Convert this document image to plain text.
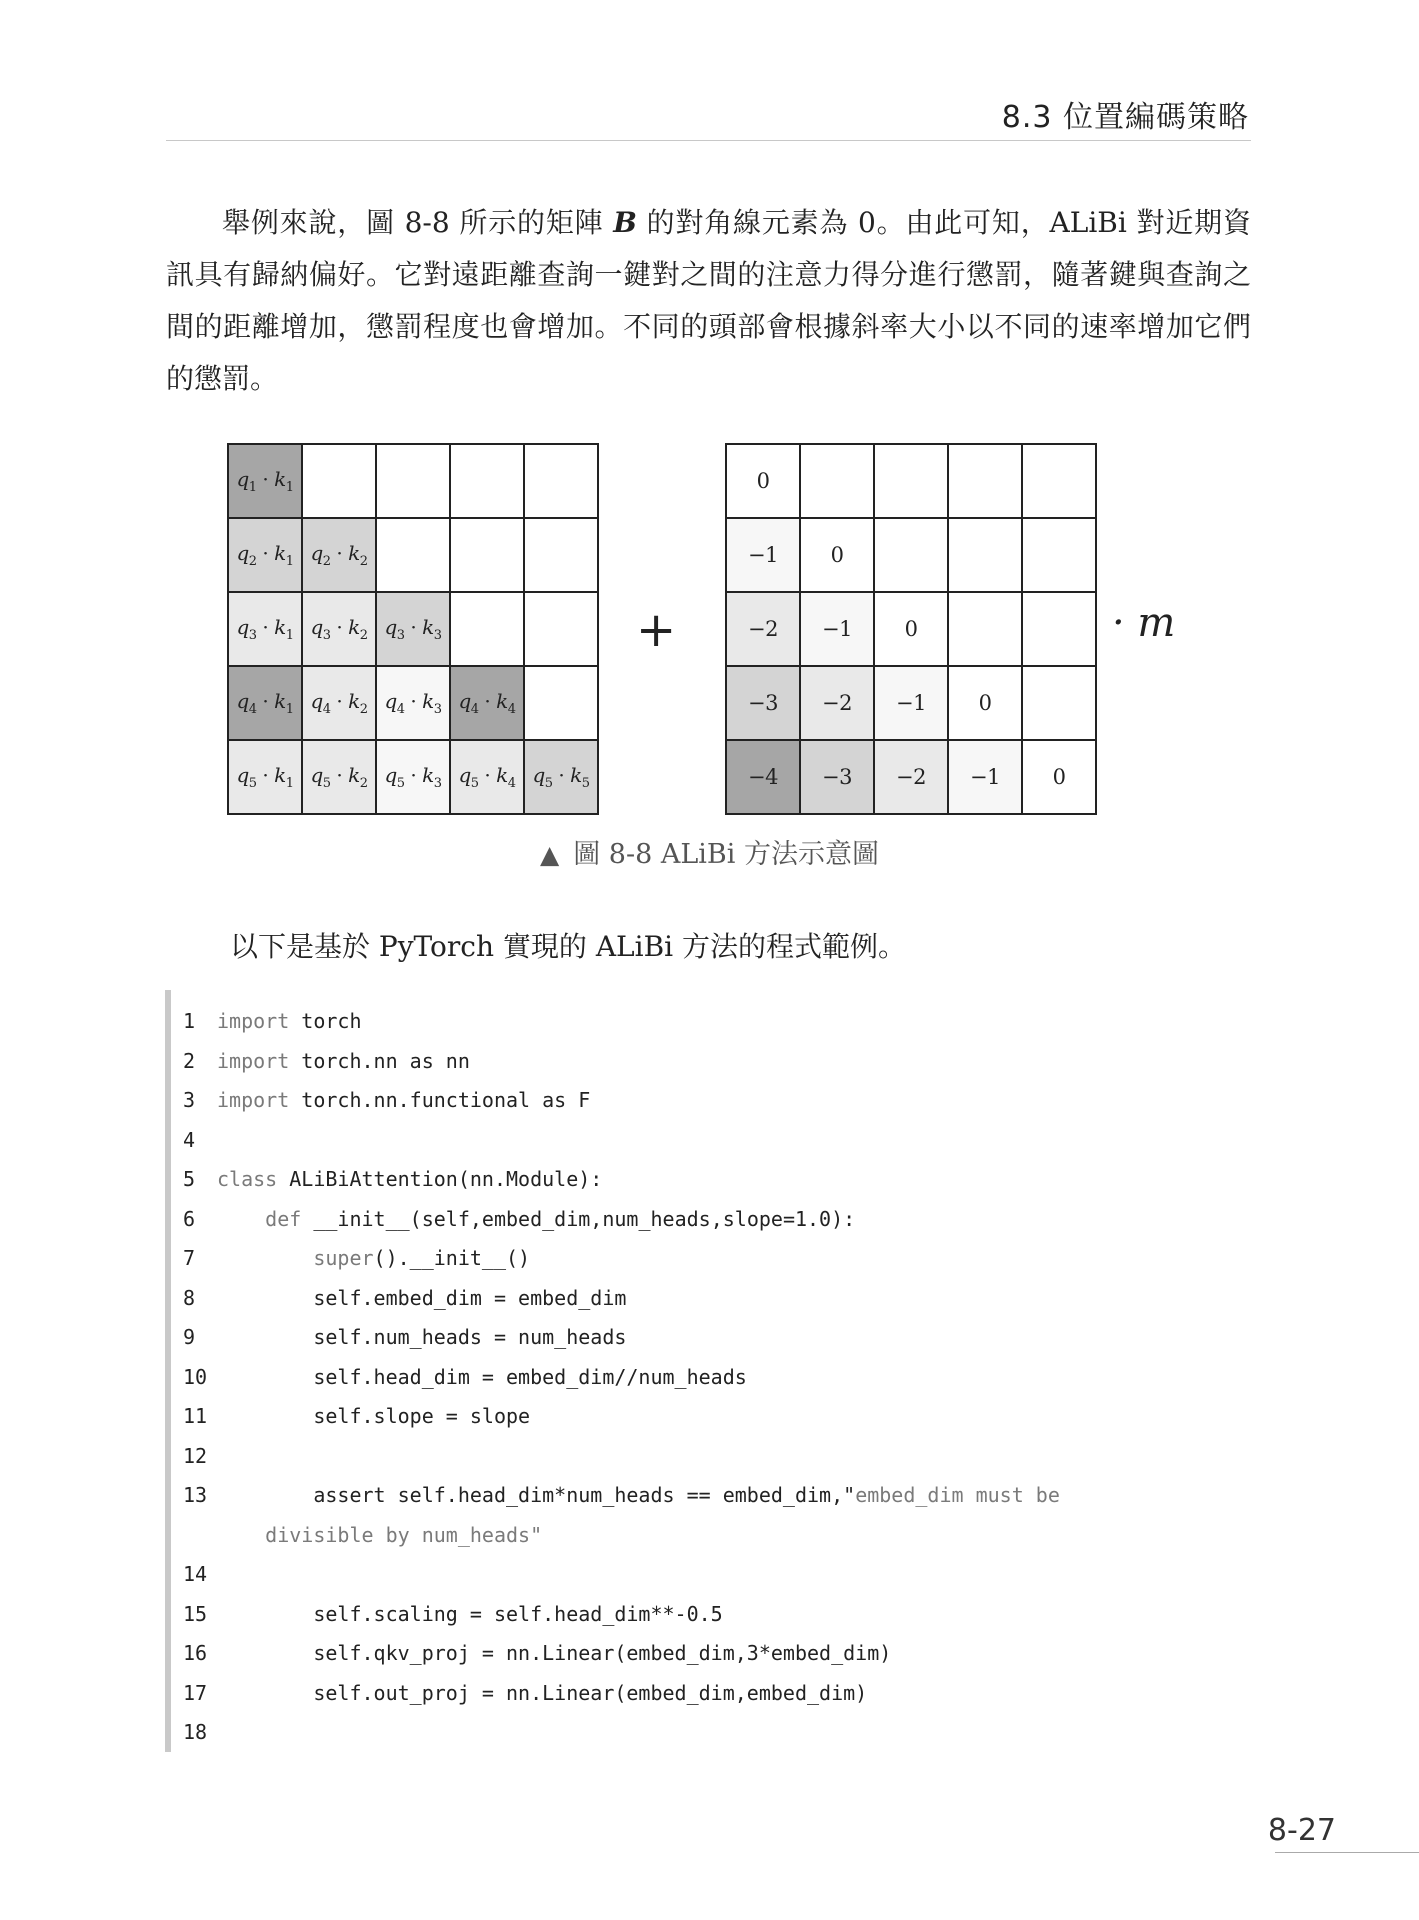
8.3 位置編碼策略
舉例來說，圖 8-8 所示的矩陣 B 的對角線元素為 0。由此可知，ALiBi 對近期資訊具有歸納偏好。它對遠距離查詢一鍵對之間的注意力得分進行懲罰，隨著鍵與查詢之間的距離增加，懲罰程度也會增加。不同的頭部會根據斜率大小以不同的速率增加它們的懲罰。
$q_1 \cdot k_1$				
$q_2 \cdot k_1$	$q_2 \cdot k_2$			
$q_3 \cdot k_1$	$q_3 \cdot k_2$	$q_3 \cdot k_3$		
$q_4 \cdot k_1$	$q_4 \cdot k_2$	$q_4 \cdot k_3$	$q_4 \cdot k_4$	
$q_5 \cdot k_1$	$q_5 \cdot k_2$	$q_5 \cdot k_3$	$q_5 \cdot k_4$	$q_5 \cdot k_5$
+
0				
−1	0			
−2	−1	0		
−3	−2	−1	0	
−4	−3	−2	−1	0
· m
▲ 圖 8-8 ALiBi 方法示意圖
以下是基於 PyTorch 實現的 ALiBi 方法的程式範例。
1 import torch
2 import torch.nn as nn
3 import torch.nn.functional as F
4
5 class ALiBiAttention(nn.Module):
6	def __init__(self,embed_dim,num_heads,slope=1.0):
7	super().__init__()
8	self.embed_dim = embed_dim
9	self.num_heads = num_heads
10	self.head_dim = embed_dim//num_heads
11	self.slope = slope
12
13	assert self.head_dim*num_heads == embed_dim,"embed_dim must be
divisible by num_heads"
14
15	self.scaling = self.head_dim**-0.5
16	self.qkv_proj = nn.Linear(embed_dim,3*embed_dim)
17	self.out_proj = nn.Linear(embed_dim,embed_dim)
18
8-27
